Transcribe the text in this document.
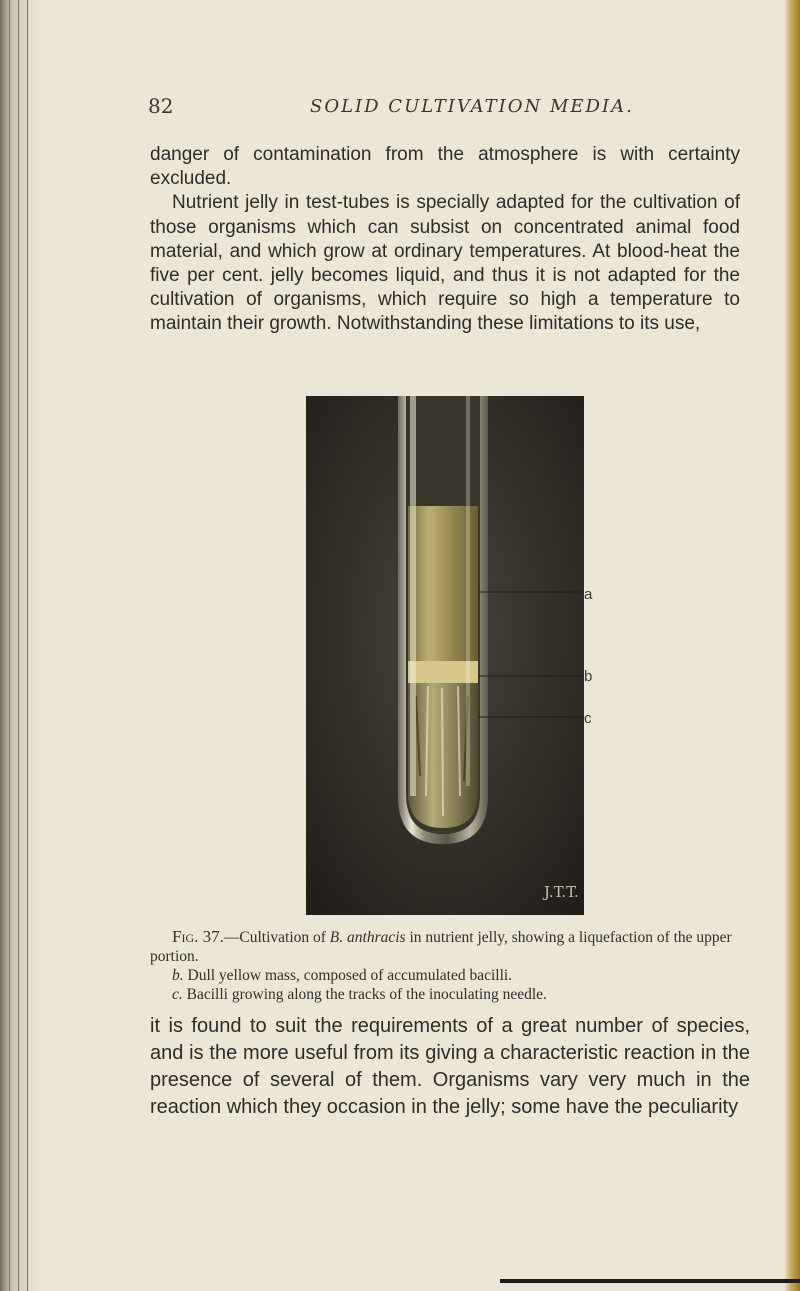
82	SOLID CULTIVATION MEDIA.

danger of contamination from the atmosphere is with certainty excluded.

Nutrient jelly in test-tubes is specially adapted for the cultivation of those organisms which can subsist on concentrated animal food material, and which grow at ordinary temperatures. At blood-heat the five per cent. jelly becomes liquid, and thus it is not adapted for the cultivation of organisms, which require so high a temperature to maintain their growth. Notwithstanding these limitations to its use,

J.T.T.
a
b
c

Fig. 37.—Cultivation of B. anthracis in nutrient jelly, showing a liquefaction of the upper portion.

b. Dull yellow mass, composed of accumulated bacilli.

c. Bacilli growing along the tracks of the inoculating needle.

it is found to suit the requirements of a great number of species, and is the more useful from its giving a characteristic reaction in the presence of several of them. Organisms vary very much in the reaction which they occasion in the jelly; some have the peculiarity
